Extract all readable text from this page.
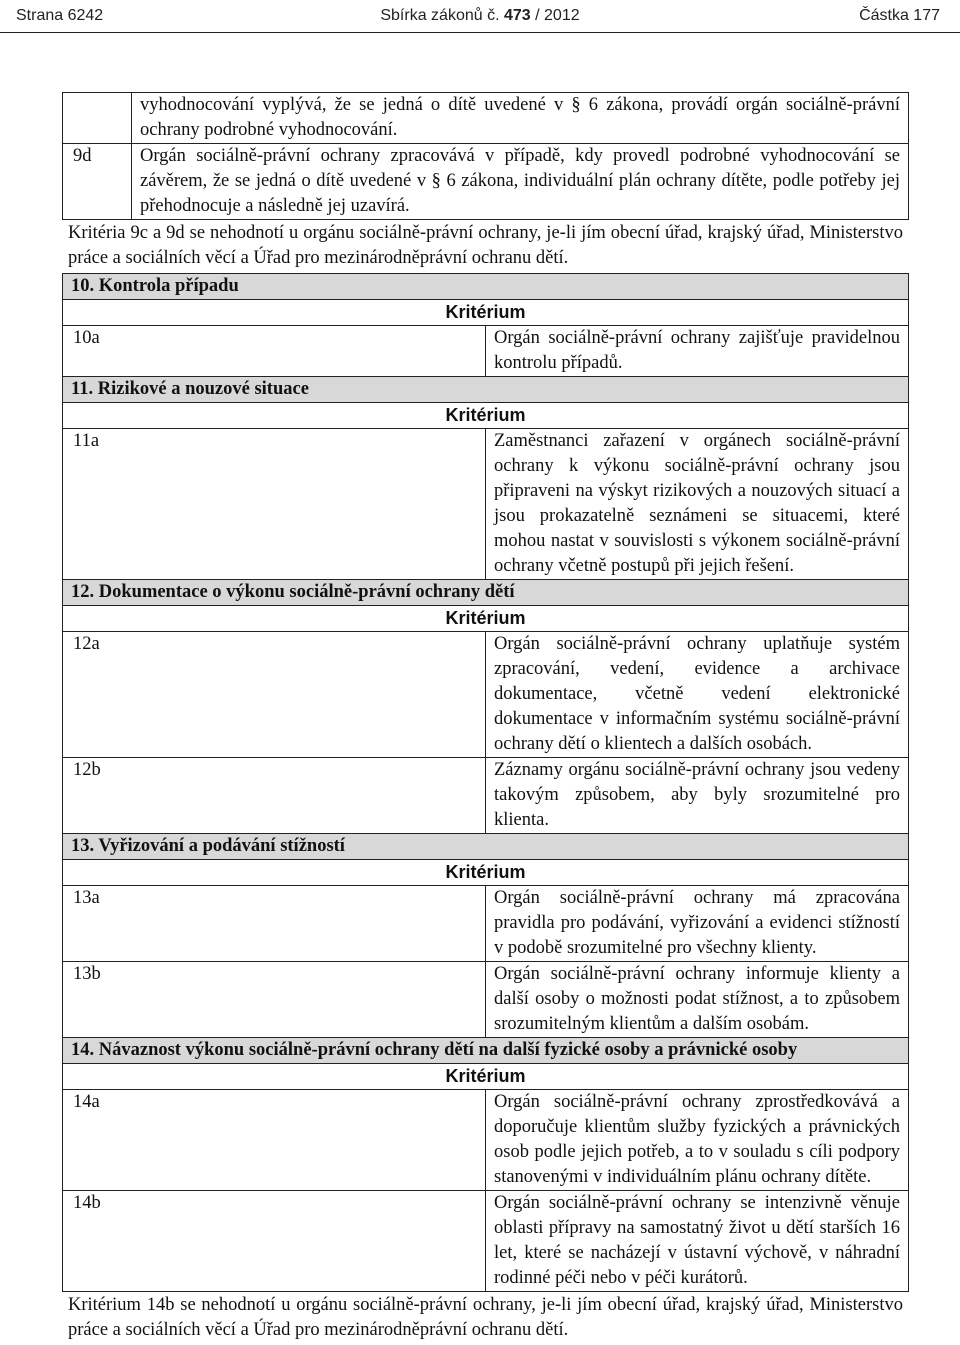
Strana 6242	Sbírka zákonů č. 473 / 2012	Částka 177
	vyhodnocování vyplývá, že se jedná o dítě uvedené v § 6 zákona, provádí orgán sociálně-právní ochrany podrobné vyhodnocování.
9d	Orgán sociálně-právní ochrany zpracovává v případě, kdy provedl podrobné vyhodnocování se závěrem, že se jedná o dítě uvedené v § 6 zákona, individuální plán ochrany dítěte, podle potřeby jej přehodnocuje a následně jej uzavírá.
Kritéria 9c a 9d se nehodnotí u orgánu sociálně-právní ochrany, je-li jím obecní úřad, krajský úřad, Ministerstvo práce a sociálních věcí a Úřad pro mezinárodněprávní ochranu dětí.
10. Kontrola případu	
Kritérium	
10a	Orgán sociálně-právní ochrany zajišťuje pravidelnou kontrolu případů.
11. Rizikové a nouzové situace	
Kritérium	
11a	Zaměstnanci zařazení v orgánech sociálně-právní ochrany k výkonu sociálně-právní ochrany jsou připraveni na výskyt rizikových a nouzových situací a jsou prokazatelně seznámeni se situacemi, které mohou nastat v souvislosti s výkonem sociálně-právní ochrany včetně postupů při jejich řešení.
12. Dokumentace o výkonu sociálně-právní ochrany dětí	
Kritérium	
12a	Orgán sociálně-právní ochrany uplatňuje systém zpracování, vedení, evidence a archivace dokumentace, včetně vedení elektronické dokumentace v informačním systému sociálně-právní ochrany dětí o klientech a dalších osobách.
12b	Záznamy orgánu sociálně-právní ochrany jsou vedeny takovým způsobem, aby byly srozumitelné pro klienta.
13. Vyřizování a podávání stížností	
Kritérium	
13a	Orgán sociálně-právní ochrany má zpracována pravidla pro podávání, vyřizování a evidenci stížností v podobě srozumitelné pro všechny klienty.
13b	Orgán sociálně-právní ochrany informuje klienty a další osoby o možnosti podat stížnost, a to způsobem srozumitelným klientům a dalším osobám.
14. Návaznost výkonu sociálně-právní ochrany dětí na další fyzické osoby a právnické osoby	
Kritérium	
14a	Orgán sociálně-právní ochrany zprostředkovává a doporučuje klientům služby fyzických a právnických osob podle jejich potřeb, a to v souladu s cíli podpory stanovenými v individuálním plánu ochrany dítěte.
14b	Orgán sociálně-právní ochrany se intenzivně věnuje oblasti přípravy na samostatný život u dětí starších 16 let, které se nacházejí v ústavní výchově, v náhradní rodinné péči nebo v péči kurátorů.
Kritérium 14b se nehodnotí u orgánu sociálně-právní ochrany, je-li jím obecní úřad, krajský úřad, Ministerstvo práce a sociálních věcí a Úřad pro mezinárodněprávní ochranu dětí.
